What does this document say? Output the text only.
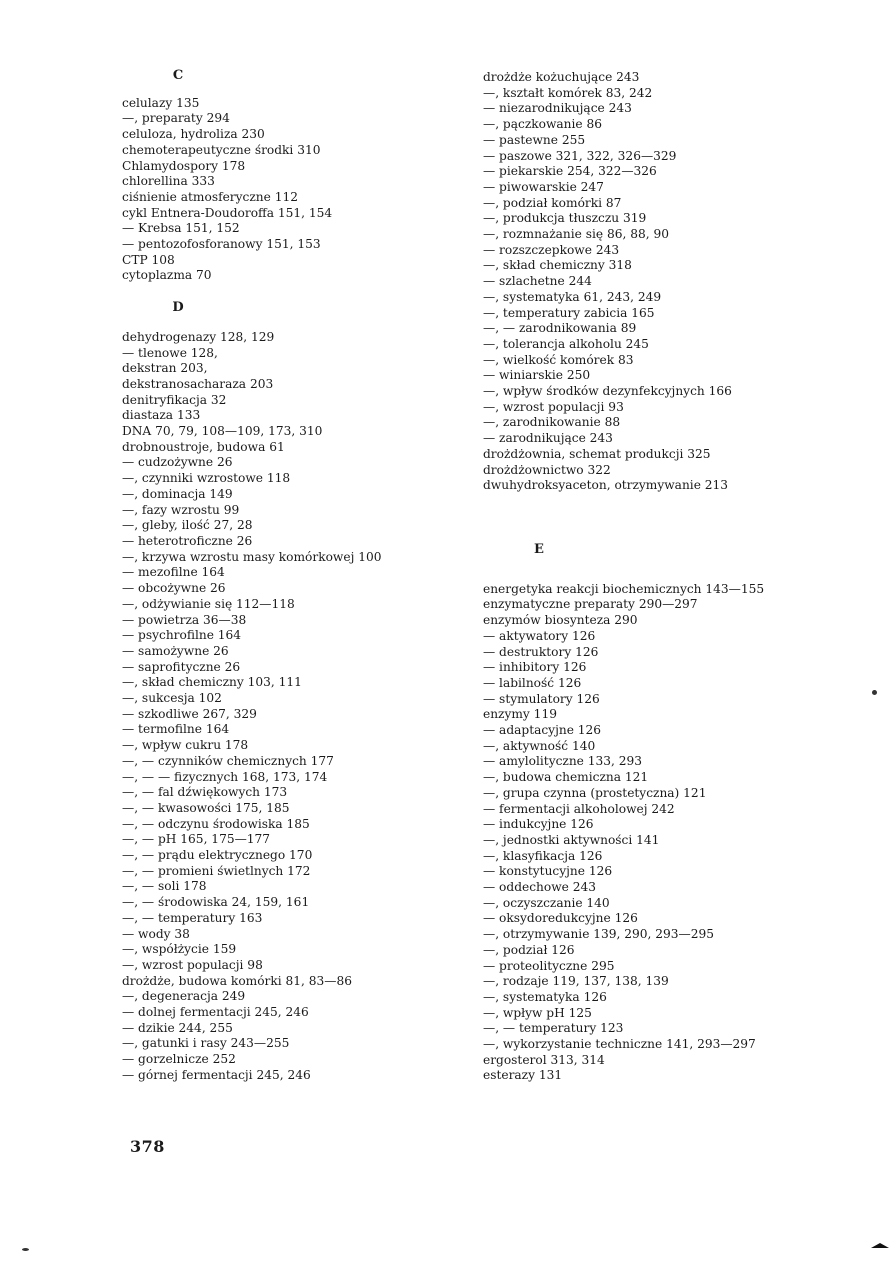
C
celulazy 135
—, preparaty 294
celuloza, hydroliza 230
chemoterapeutyczne środki 310
Chlamydospory 178
chlorellina 333
ciśnienie atmosferyczne 112
cykl Entnera-Doudoroffa 151, 154
— Krebsa 151, 152
— pentozofosforanowy 151, 153
CTP 108
cytoplazma 70
D
dehydrogenazy 128, 129
— tlenowe 128,
dekstran 203,
dekstranosacharaza 203
denitryfikacja 32
diastaza 133
DNA 70, 79, 108—109, 173, 310
drobnoustroje, budowa 61
— cudzożywne 26
—, czynniki wzrostowe 118
—, dominacja 149
—, fazy wzrostu 99
—, gleby, ilość 27, 28
— heterotroficzne 26
—, krzywa wzrostu masy komórkowej 100
— mezofilne 164
— obcożywne 26
—, odżywianie się 112—118
— powietrza 36—38
— psychrofilne 164
— samożywne 26
— saprofityczne 26
—, skład chemiczny 103, 111
—, sukcesja 102
— szkodliwe 267, 329
— termofilne 164
—, wpływ cukru 178
—, — czynników chemicznych 177
—, — — fizycznych 168, 173, 174
—, — fal dźwiękowych 173
—, — kwasowości 175, 185
—, — odczynu środowiska 185
—, — pH 165, 175—177
—, — prądu elektrycznego 170
—, — promieni świetlnych 172
—, — soli 178
—, — środowiska 24, 159, 161
—, — temperatury 163
— wody 38
—, współżycie 159
—, wzrost populacji 98
drożdże, budowa komórki 81, 83—86
—, degeneracja 249
— dolnej fermentacji 245, 246
— dzikie 244, 255
—, gatunki i rasy 243—255
— gorzelnicze 252
— górnej fermentacji 245, 246
drożdże kożuchujące 243
—, kształt komórek 83, 242
— niezarodnikujące 243
—, pączkowanie 86
— pastewne 255
— paszowe 321, 322, 326—329
— piekarskie 254, 322—326
— piwowarskie 247
—, podział komórki 87
—, produkcja tłuszczu 319
—, rozmnażanie się 86, 88, 90
— rozszczepkowe 243
—, skład chemiczny 318
— szlachetne 244
—, systematyka 61, 243, 249
—, temperatury zabicia 165
—, — zarodnikowania 89
—, tolerancja alkoholu 245
—, wielkość komórek 83
— winiarskie 250
—, wpływ środków dezynfekcyjnych 166
—, wzrost populacji 93
—, zarodnikowanie 88
— zarodnikujące 243
drożdżownia, schemat produkcji 325
drożdżownictwo 322
dwuhydroksyaceton, otrzymywanie 213
E
energetyka reakcji biochemicznych 143—155
enzymatyczne preparaty 290—297
enzymów biosynteza 290
— aktywatory 126
— destruktory 126
— inhibitory 126
— labilność 126
— stymulatory 126
enzymy 119
— adaptacyjne 126
—, aktywność 140
— amylolityczne 133, 293
—, budowa chemiczna 121
—, grupa czynna (prostetyczna) 121
— fermentacji alkoholowej 242
— indukcyjne 126
—, jednostki aktywności 141
—, klasyfikacja 126
— konstytucyjne 126
— oddechowe 243
—, oczyszczanie 140
— oksydoredukcyjne 126
—, otrzymywanie 139, 290, 293—295
—, podział 126
— proteolityczne 295
—, rodzaje 119, 137, 138, 139
—, systematyka 126
—, wpływ pH 125
—, — temperatury 123
—, wykorzystanie techniczne 141, 293—297
ergosterol 313, 314
esterazy 131
378
